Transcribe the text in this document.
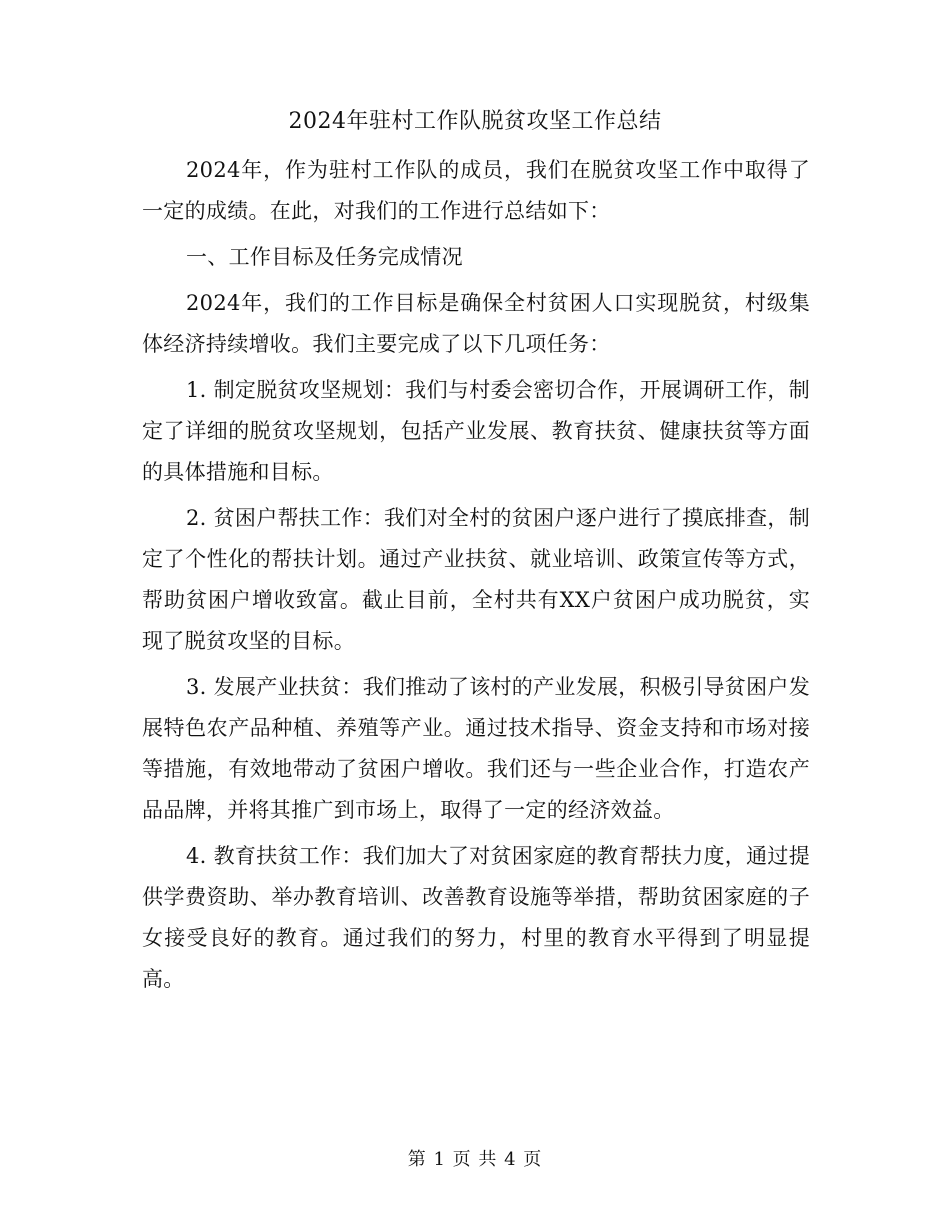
2024年驻村工作队脱贫攻坚工作总结

2024年，作为驻村工作队的成员，我们在脱贫攻坚工作中取得了一定的成绩。在此，对我们的工作进行总结如下：

一、工作目标及任务完成情况

2024年，我们的工作目标是确保全村贫困人口实现脱贫，村级集体经济持续增收。我们主要完成了以下几项任务：

1. 制定脱贫攻坚规划：我们与村委会密切合作，开展调研工作，制定了详细的脱贫攻坚规划，包括产业发展、教育扶贫、健康扶贫等方面的具体措施和目标。

2. 贫困户帮扶工作：我们对全村的贫困户逐户进行了摸底排查，制定了个性化的帮扶计划。通过产业扶贫、就业培训、政策宣传等方式，帮助贫困户增收致富。截止目前，全村共有XX户贫困户成功脱贫，实现了脱贫攻坚的目标。

3. 发展产业扶贫：我们推动了该村的产业发展，积极引导贫困户发展特色农产品种植、养殖等产业。通过技术指导、资金支持和市场对接等措施，有效地带动了贫困户增收。我们还与一些企业合作，打造农产品品牌，并将其推广到市场上，取得了一定的经济效益。

4. 教育扶贫工作：我们加大了对贫困家庭的教育帮扶力度，通过提供学费资助、举办教育培训、改善教育设施等举措，帮助贫困家庭的子女接受良好的教育。通过我们的努力，村里的教育水平得到了明显提高。

第 1 页 共 4 页
